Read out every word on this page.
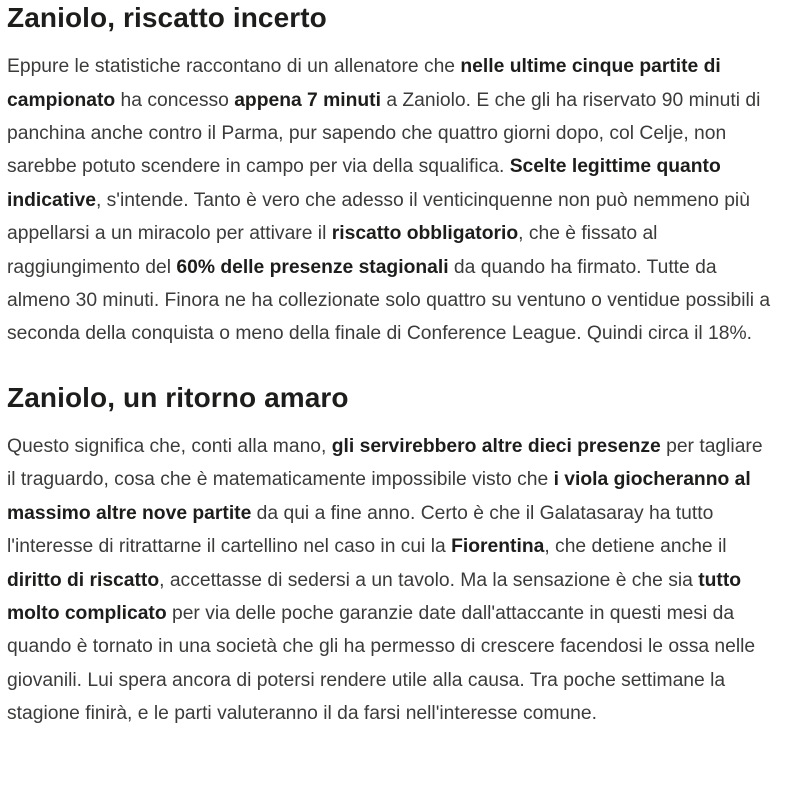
Zaniolo, riscatto incerto

Eppure le statistiche raccontano di un allenatore che nelle ultime cinque partite di campionato ha concesso appena 7 minuti a Zaniolo. E che gli ha riservato 90 minuti di panchina anche contro il Parma, pur sapendo che quattro giorni dopo, col Celje, non sarebbe potuto scendere in campo per via della squalifica. Scelte legittime quanto indicative, s'intende. Tanto è vero che adesso il venticinquenne non può nemmeno più appellarsi a un miracolo per attivare il riscatto obbligatorio, che è fissato al raggiungimento del 60% delle presenze stagionali da quando ha firmato. Tutte da almeno 30 minuti. Finora ne ha collezionate solo quattro su ventuno o ventidue possibili a seconda della conquista o meno della finale di Conference League. Quindi circa il 18%.

Zaniolo, un ritorno amaro

Questo significa che, conti alla mano, gli servirebbero altre dieci presenze per tagliare il traguardo, cosa che è matematicamente impossibile visto che i viola giocheranno al massimo altre nove partite da qui a fine anno. Certo è che il Galatasaray ha tutto l'interesse di ritrattarne il cartellino nel caso in cui la Fiorentina, che detiene anche il diritto di riscatto, accettasse di sedersi a un tavolo. Ma la sensazione è che sia tutto molto complicato per via delle poche garanzie date dall'attaccante in questi mesi da quando è tornato in una società che gli ha permesso di crescere facendosi le ossa nelle giovanili. Lui spera ancora di potersi rendere utile alla causa. Tra poche settimane la stagione finirà, e le parti valuteranno il da farsi nell'interesse comune.
